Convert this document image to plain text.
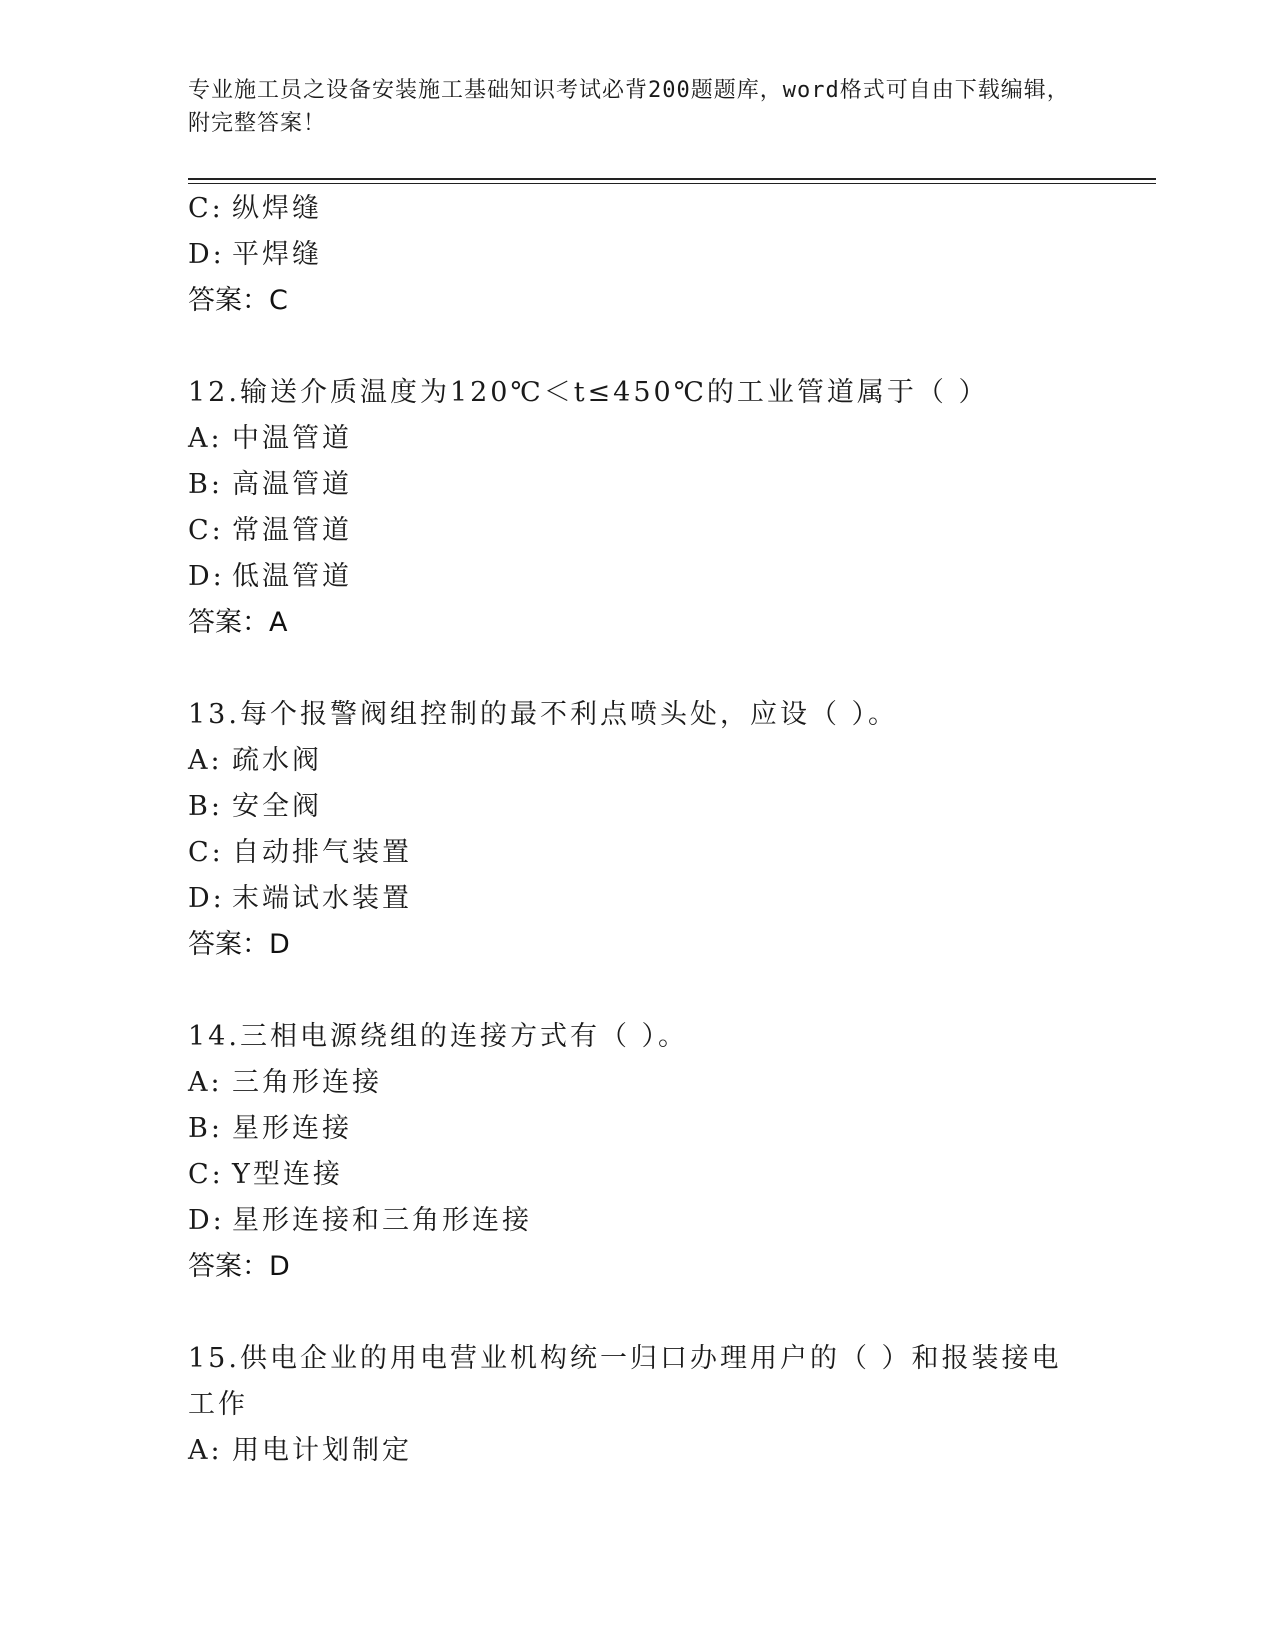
专业施工员之设备安装施工基础知识考试必背200题题库，word格式可自由下载编辑，附完整答案！
C: 纵焊缝
D: 平焊缝
答案：C
12.输送介质温度为120℃＜t≤450℃的工业管道属于（ ）
A: 中温管道
B: 高温管道
C: 常温管道
D: 低温管道
答案：A
13.每个报警阀组控制的最不利点喷头处，应设（ ）。
A: 疏水阀
B: 安全阀
C: 自动排气装置
D: 末端试水装置
答案：D
14.三相电源绕组的连接方式有（ ）。
A: 三角形连接
B: 星形连接
C: Y型连接
D: 星形连接和三角形连接
答案：D
15.供电企业的用电营业机构统一归口办理用户的（ ）和报装接电工作
A: 用电计划制定
